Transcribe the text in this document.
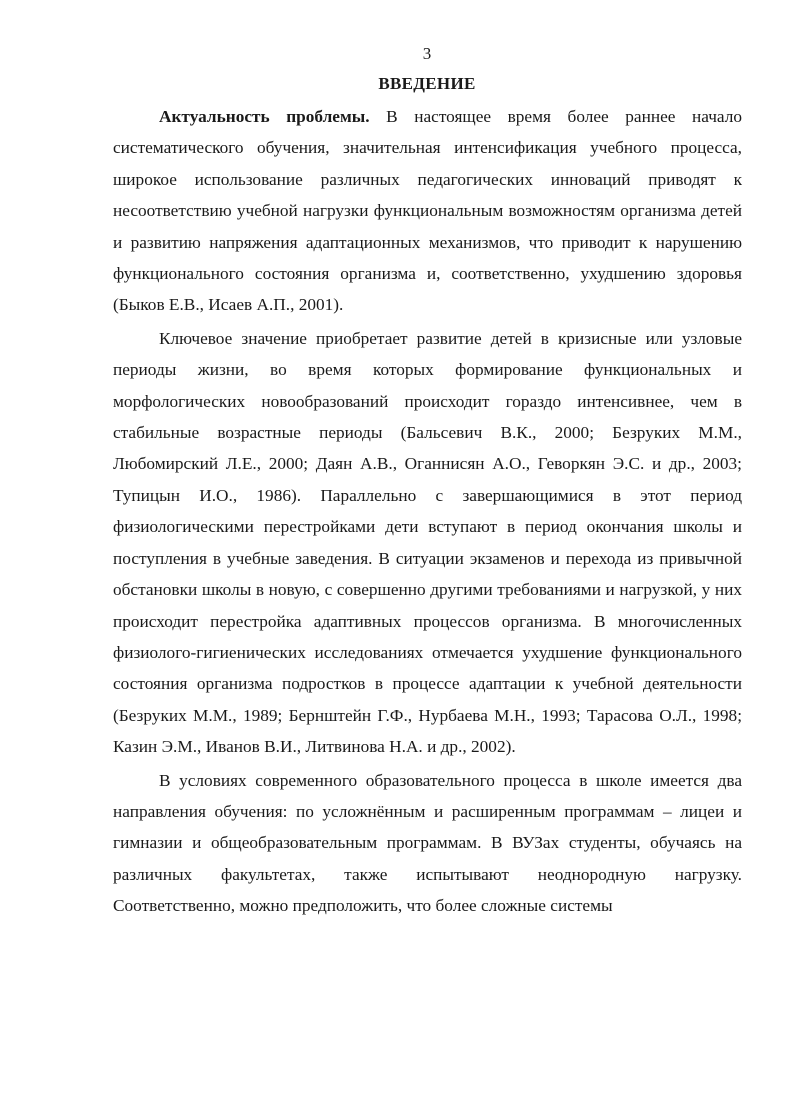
3
ВВЕДЕНИЕ

Актуальность проблемы. В настоящее время более раннее начало систематического обучения, значительная интенсификация учебного процесса, широкое использование различных педагогических инноваций приводят к несоответствию учебной нагрузки функциональным возможностям организма детей и развитию напряжения адаптационных механизмов, что приводит к нарушению функционального состояния организма и, соответственно, ухудшению здоровья (Быков Е.В., Исаев А.П., 2001).

Ключевое значение приобретает развитие детей в кризисные или узловые периоды жизни, во время которых формирование функциональных и морфологических новообразований происходит гораздо интенсивнее, чем в стабильные возрастные периоды (Бальсевич В.К., 2000; Безруких М.М., Любомирский Л.Е., 2000; Даян А.В., Оганнисян А.О., Геворкян Э.С. и др., 2003; Тупицын И.О., 1986). Параллельно с завершающимися в этот период физиологическими перестройками дети вступают в период окончания школы и поступления в учебные заведения. В ситуации экзаменов и перехода из привычной обстановки школы в новую, с совершенно другими требованиями и нагрузкой, у них происходит перестройка адаптивных процессов организма. В многочисленных физиолого-гигиенических исследованиях отмечается ухудшение функционального состояния организма подростков в процессе адаптации к учебной деятельности (Безруких М.М., 1989; Бернштейн Г.Ф., Нурбаева М.Н., 1993; Тарасова О.Л., 1998; Казин Э.М., Иванов В.И., Литвинова Н.А. и др., 2002).

В условиях современного образовательного процесса в школе имеется два направления обучения: по усложнённым и расширенным программам – лицеи и гимназии и общеобразовательным программам. В ВУЗах студенты, обучаясь на различных факультетах, также испытывают неоднородную нагрузку. Соответственно, можно предположить, что более сложные системы
